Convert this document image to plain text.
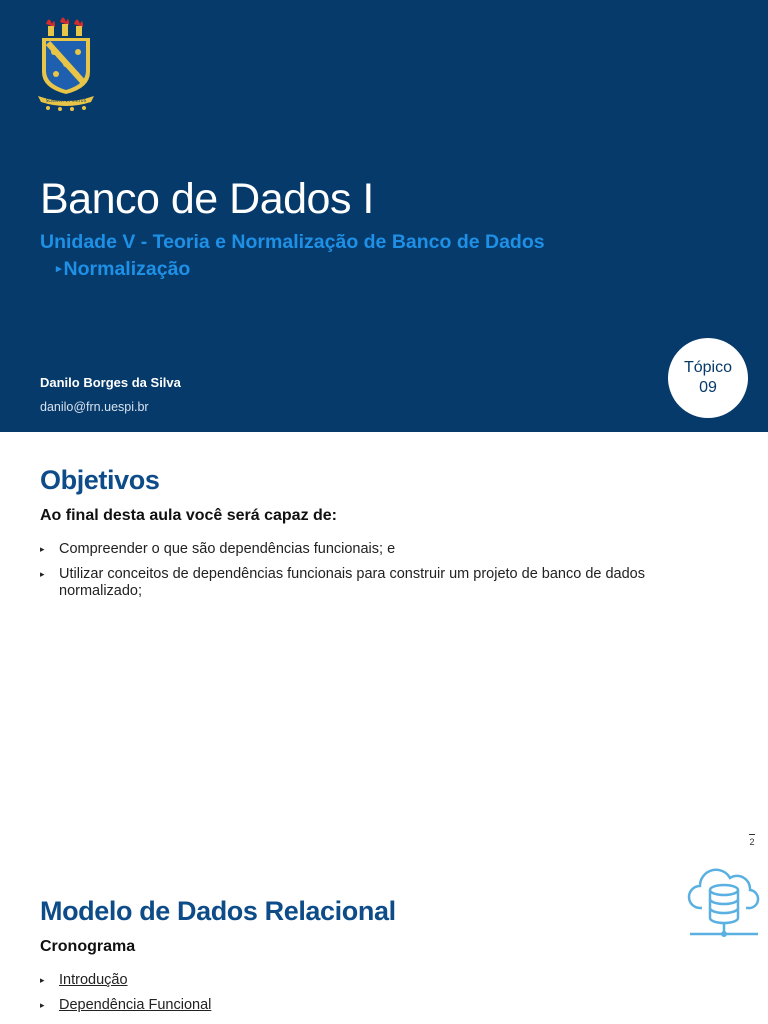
SCIENTIA ET VIRTUS
Banco de Dados I
Unidade V - Teoria e Normalização de Banco de Dados
▸ Normalização
Danilo Borges da Silva
danilo@frn.uespi.br
Tópico
09
Objetivos
Ao final desta aula você será capaz de:
▸ Compreender o que são dependências funcionais; e
▸ Utilizar conceitos de dependências funcionais para construir um projeto de banco de dados normalizado;
2
Modelo de Dados Relacional
Cronograma
▸ Introdução
▸ Dependência Funcional
